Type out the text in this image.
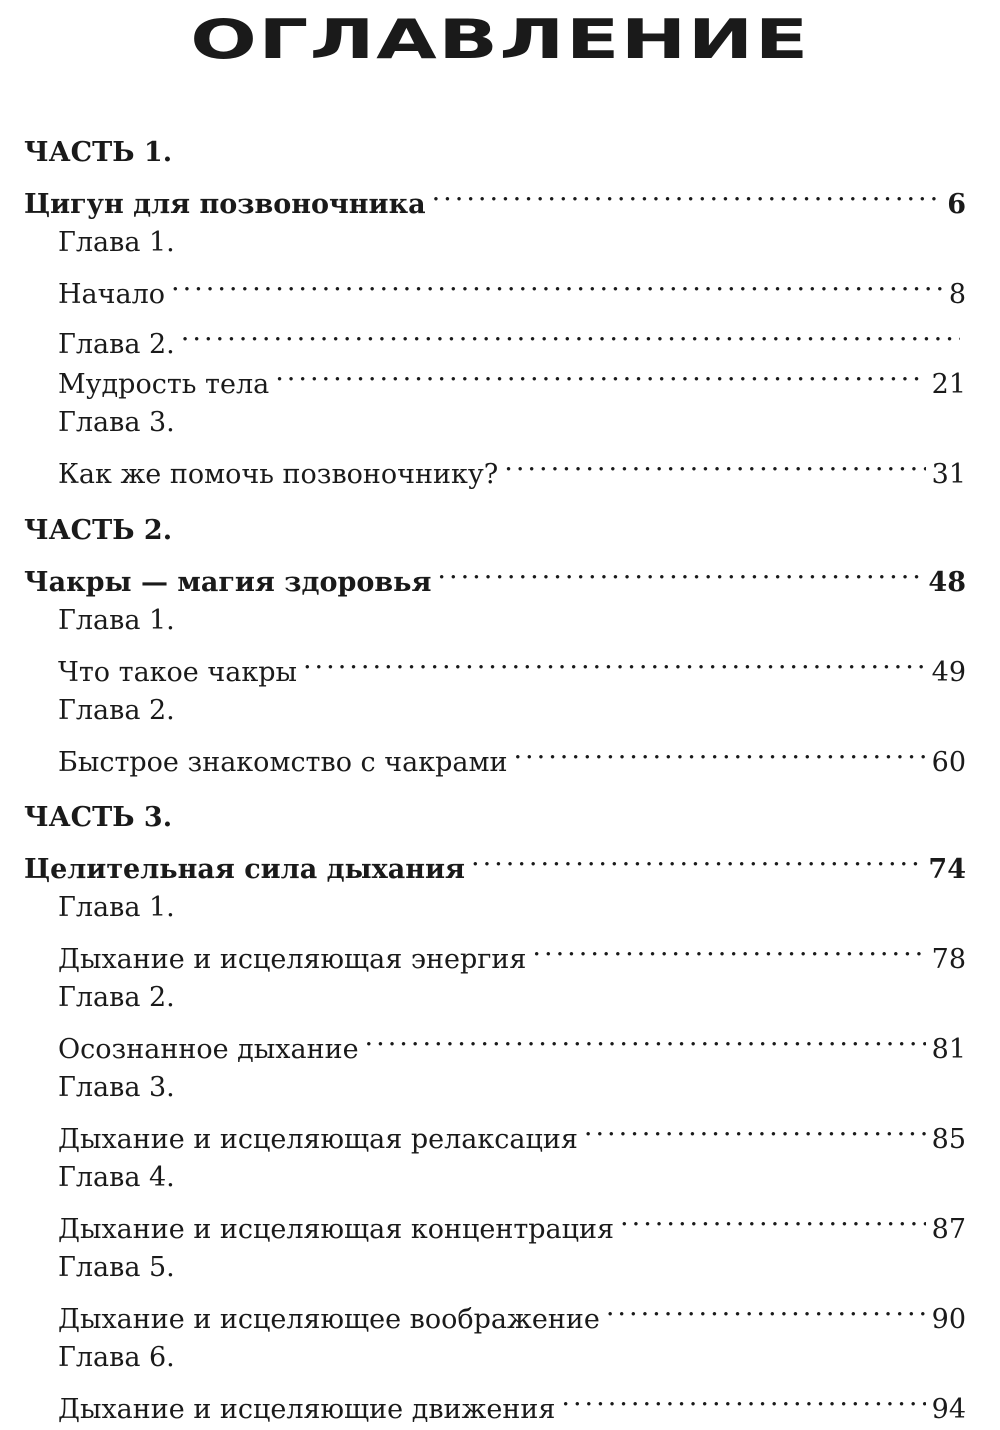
ОГЛАВЛЕНИЕ
ЧАСТЬ 1.
Цигун для позвоночника .....	6
Глава 1.
Начало .....	8
Глава 2.
.....
Мудрость тела .....	21
Глава 3.
Как же помочь позвоночнику? .....	31
ЧАСТЬ 2.
Чакры — магия здоровья .....	48
Глава 1.
Что такое чакры .....	49
Глава 2.
Быстрое знакомство с чакрами .....	60
ЧАСТЬ 3.
Целительная сила дыхания .....	74
Глава 1.
Дыхание и исцеляющая энергия .....	78
Глава 2.
Осознанное дыхание .....	81
Глава 3.
Дыхание и исцеляющая релаксация .....	85
Глава 4.
Дыхание и исцеляющая концентрация .....	87
Глава 5.
Дыхание и исцеляющее воображение .....	90
Глава 6.
Дыхание и исцеляющие движения .....	94
